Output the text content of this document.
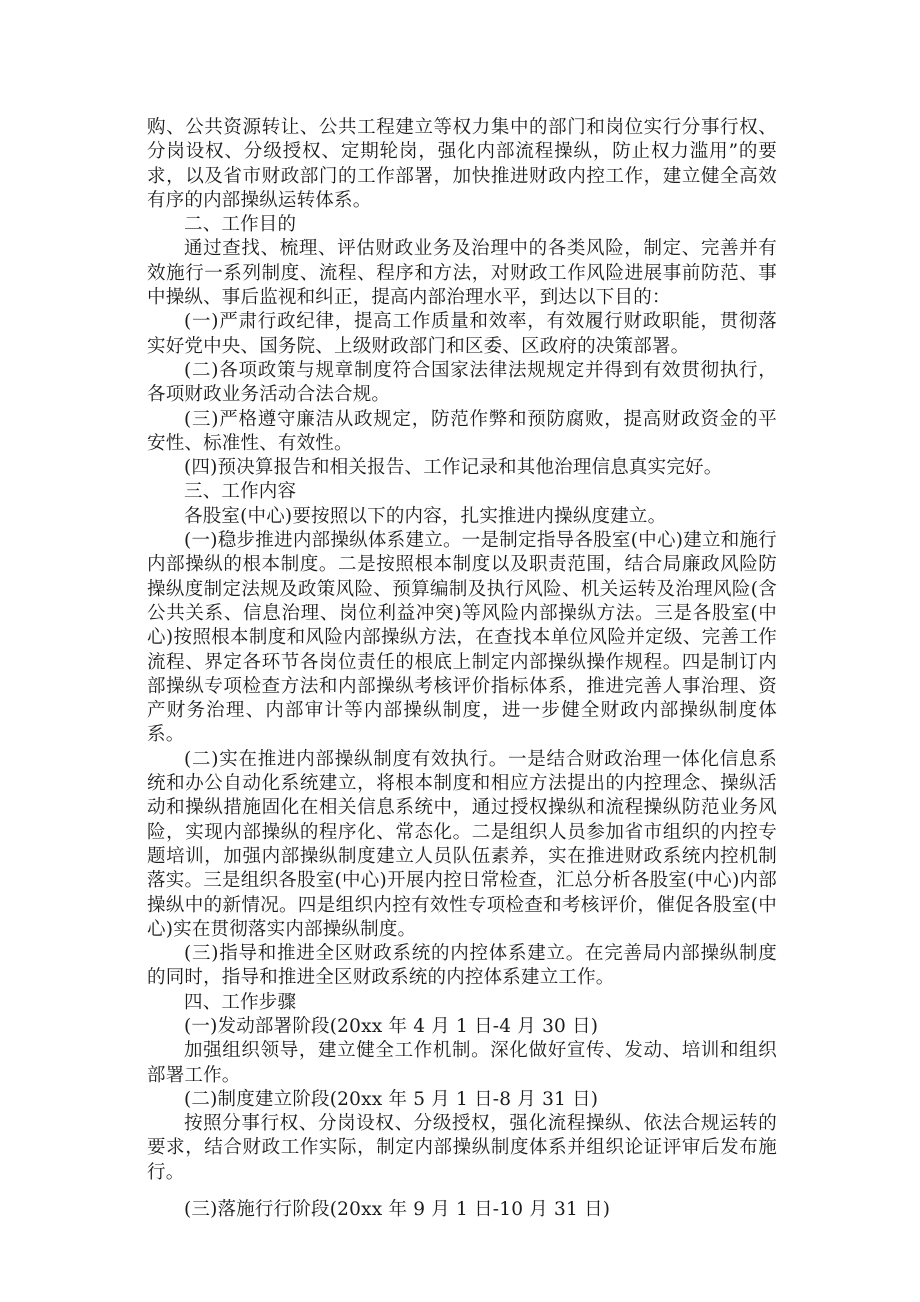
购、公共资源转让、公共工程建立等权力集中的部门和岗位实行分事行权、分岗设权、分级授权、定期轮岗，强化内部流程操纵，防止权力滥用”的要求，以及省市财政部门的工作部署，加快推进财政内控工作，建立健全高效有序的内部操纵运转体系。

二、工作目的

通过查找、梳理、评估财政业务及治理中的各类风险，制定、完善并有效施行一系列制度、流程、程序和方法，对财政工作风险进展事前防范、事中操纵、事后监视和纠正，提高内部治理水平，到达以下目的：

(一)严肃行政纪律，提高工作质量和效率，有效履行财政职能，贯彻落实好党中央、国务院、上级财政部门和区委、区政府的决策部署。

(二)各项政策与规章制度符合国家法律法规规定并得到有效贯彻执行，各项财政业务活动合法合规。

(三)严格遵守廉洁从政规定，防范作弊和预防腐败，提高财政资金的平安性、标准性、有效性。

(四)预决算报告和相关报告、工作记录和其他治理信息真实完好。

三、工作内容

各股室(中心)要按照以下的内容，扎实推进内操纵度建立。

(一)稳步推进内部操纵体系建立。一是制定指导各股室(中心)建立和施行内部操纵的根本制度。二是按照根本制度以及职责范围，结合局廉政风险防操纵度制定法规及政策风险、预算编制及执行风险、机关运转及治理风险(含公共关系、信息治理、岗位利益冲突)等风险内部操纵方法。三是各股室(中心)按照根本制度和风险内部操纵方法，在查找本单位风险并定级、完善工作流程、界定各环节各岗位责任的根底上制定内部操纵操作规程。四是制订内部操纵专项检查方法和内部操纵考核评价指标体系，推进完善人事治理、资产财务治理、内部审计等内部操纵制度，进一步健全财政内部操纵制度体系。

(二)实在推进内部操纵制度有效执行。一是结合财政治理一体化信息系统和办公自动化系统建立，将根本制度和相应方法提出的内控理念、操纵活动和操纵措施固化在相关信息系统中，通过授权操纵和流程操纵防范业务风险，实现内部操纵的程序化、常态化。二是组织人员参加省市组织的内控专题培训，加强内部操纵制度建立人员队伍素养，实在推进财政系统内控机制落实。三是组织各股室(中心)开展内控日常检查，汇总分析各股室(中心)内部操纵中的新情况。四是组织内控有效性专项检查和考核评价，催促各股室(中心)实在贯彻落实内部操纵制度。

(三)指导和推进全区财政系统的内控体系建立。在完善局内部操纵制度的同时，指导和推进全区财政系统的内控体系建立工作。

四、工作步骤

(一)发动部署阶段(20xx 年 4 月 1 日-4 月 30 日)

加强组织领导，建立健全工作机制。深化做好宣传、发动、培训和组织部署工作。

(二)制度建立阶段(20xx 年 5 月 1 日-8 月 31 日)

按照分事行权、分岗设权、分级授权，强化流程操纵、依法合规运转的要求，结合财政工作实际，制定内部操纵制度体系并组织论证评审后发布施行。

(三)落施行行阶段(20xx 年 9 月 1 日-10 月 31 日)
